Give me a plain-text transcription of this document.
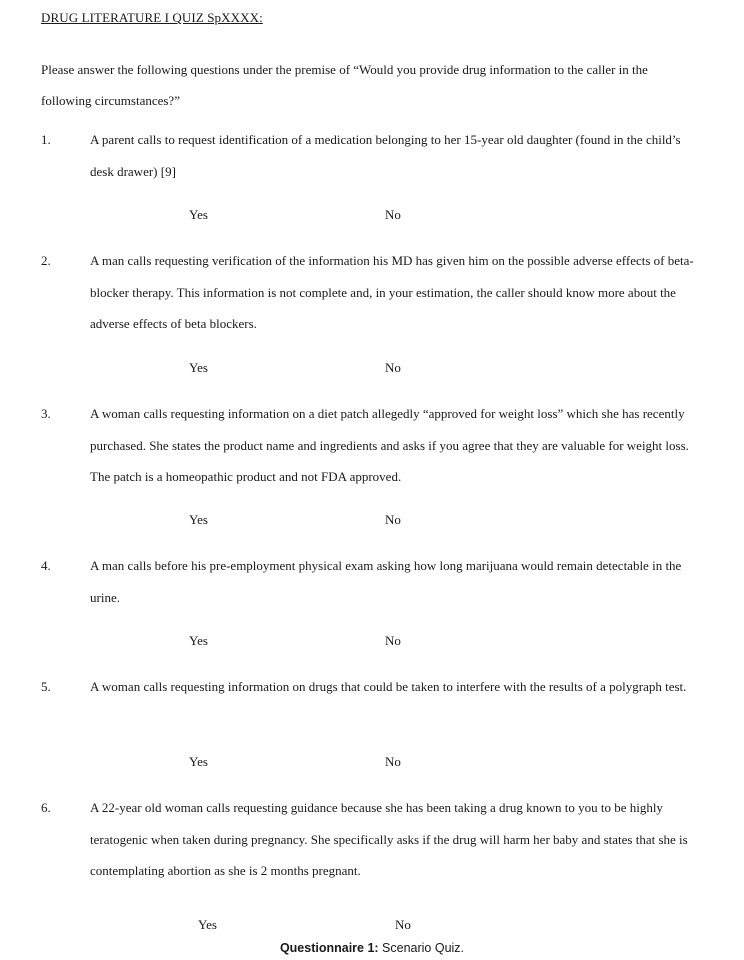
DRUG LITERATURE I QUIZ SpXXXX:
Please answer the following questions under the premise of “Would you provide drug information to the caller in the following circumstances?”
1.	A parent calls to request identification of a medication belonging to her 15-year old daughter (found in the child’s desk drawer) [9]
Yes	No
2.	A man calls requesting verification of the information his MD has given him on the possible adverse effects of beta-blocker therapy. This information is not complete and, in your estimation, the caller should know more about the adverse effects of beta blockers.
Yes	No
3.	A woman calls requesting information on a diet patch allegedly “approved for weight loss” which she has recently purchased. She states the product name and ingredients and asks if you agree that they are valuable for weight loss. The patch is a homeopathic product and not FDA approved.
Yes	No
4.	A man calls before his pre-employment physical exam asking how long marijuana would remain detectable in the urine.
Yes	No
5.	A woman calls requesting information on drugs that could be taken to interfere with the results of a polygraph test.
Yes	No
6.	A 22-year old woman calls requesting guidance because she has been taking a drug known to you to be highly teratogenic when taken during pregnancy. She specifically asks if the drug will harm her baby and states that she is contemplating abortion as she is 2 months pregnant.
Yes	No
Questionnaire 1: Scenario Quiz.
